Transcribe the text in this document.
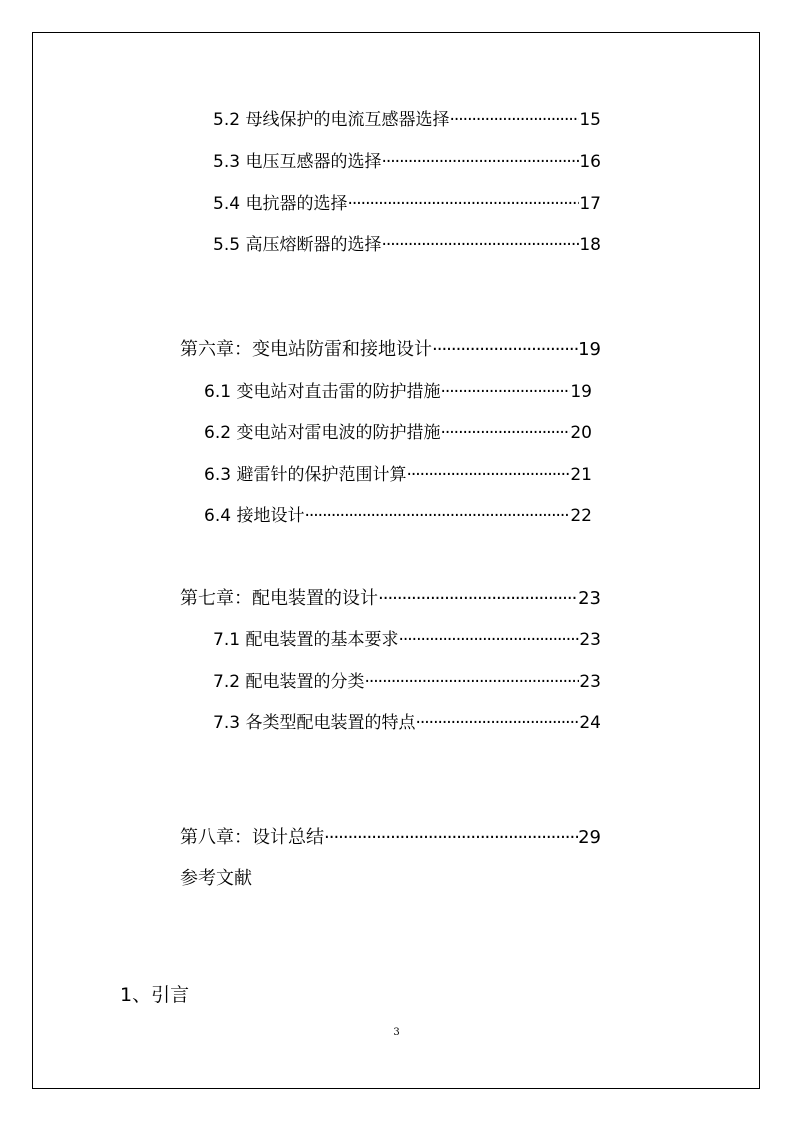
5.2 母线保护的电流互感器选择 ·····	15
5.3 电压互感器的选择 ·····	16
5.4 电抗器的选择 ·····	17
5.5 高压熔断器的选择 ·····	18
第六章：变电站防雷和接地设计 ·····	19
6.1 变电站对直击雷的防护措施 ·····	19
6.2 变电站对雷电波的防护措施 ·····	20
6.3 避雷针的保护范围计算 ·····	21
6.4 接地设计 ·····	22
第七章：配电装置的设计 ·····	23
7.1 配电装置的基本要求 ·····	23
7.2 配电装置的分类 ·····	23
7.3 各类型配电装置的特点 ·····	24
第八章：设计总结 ·····	29
参考文献
1、引言
3
